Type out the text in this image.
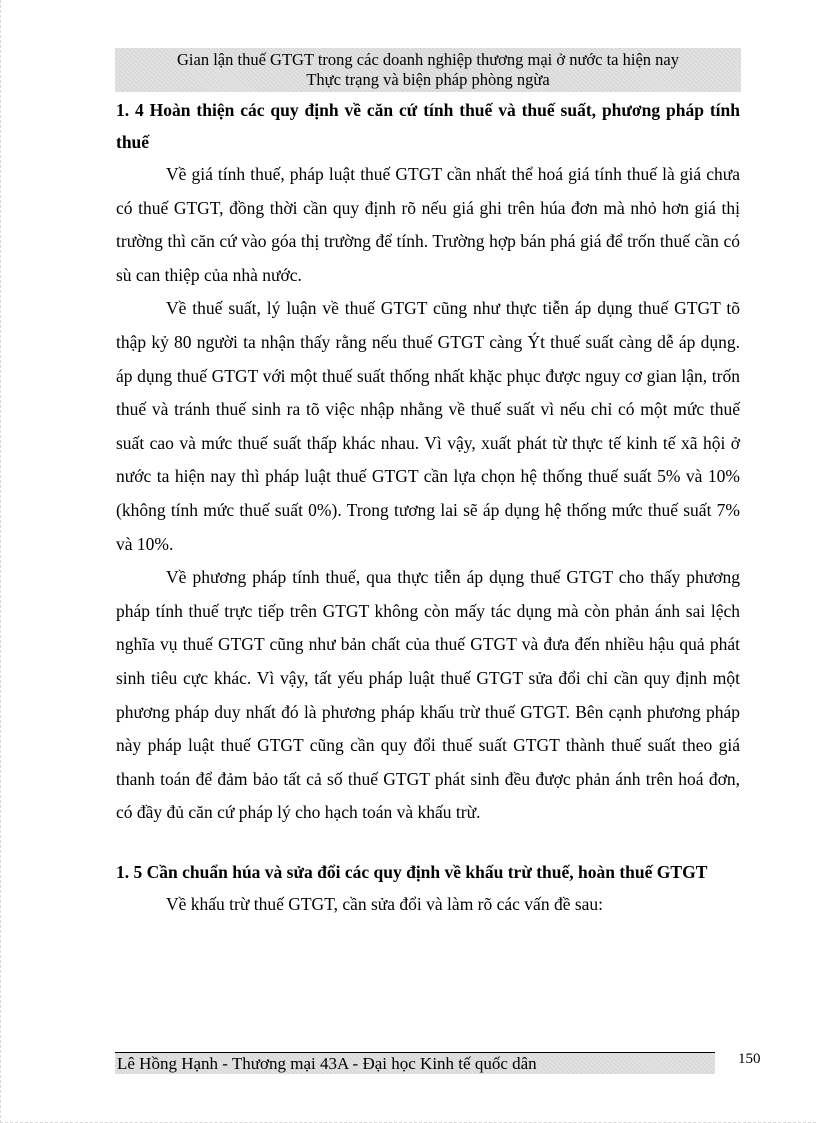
Gian lận thuế GTGT trong các doanh nghiệp thương mại ở nước ta hiện nay
Thực trạng và biện pháp phòng ngừa

1. 4 Hoàn thiện các quy định về căn cứ tính thuế và thuế suất, phương pháp tính thuế

Về giá tính thuế, pháp luật thuế GTGT cần nhất thể hoá giá tính thuế là giá chưa có thuế GTGT, đồng thời cần quy định rõ nếu giá ghi trên húa đơn mà nhỏ hơn giá thị trường thì căn cứ vào góa thị trường để tính. Trường hợp bán phá giá để trốn thuế cần có sù can thiệp của nhà nước.

Về thuế suất, lý luận về thuế GTGT cũng như thực tiễn áp dụng thuế GTGT tõ thập kỷ 80 người ta nhận thấy rằng nếu thuế GTGT càng Ýt thuế suất càng dễ áp dụng. áp dụng thuế GTGT với một thuế suất thống nhất khặc phục được nguy cơ gian lận, trốn thuế và tránh thuế sinh ra tõ việc nhập nhằng về thuế suất vì nếu chỉ có một mức thuế suất cao và mức thuế suất thấp khác nhau. Vì vậy, xuất phát từ thực tế kinh tế xã hội ở nước ta hiện nay thì pháp luật thuế GTGT cần lựa chọn hệ thống thuế suất 5% và 10% (không tính mức thuế suất 0%). Trong tương lai sẽ áp dụng hệ thống mức thuế suất 7% và 10%.

Về phương pháp tính thuế, qua thực tiễn áp dụng thuế GTGT cho thấy phương pháp tính thuế trực tiếp trên GTGT không còn mấy tác dụng mà còn phản ánh sai lệch nghĩa vụ thuế GTGT cũng như bản chất của thuế GTGT và đưa đến nhiều hậu quả phát sinh tiêu cực khác. Vì vậy, tất yếu pháp luật thuế GTGT sửa đổi chỉ cần quy định một phương pháp duy nhất đó là phương pháp khấu trừ thuế GTGT. Bên cạnh phương pháp này pháp luật thuế GTGT cũng cần quy đổi thuế suất GTGT thành thuế suất theo giá thanh toán để đảm bảo tất cả số thuế GTGT phát sinh đều được phản ánh trên hoá đơn, có đầy đủ căn cứ pháp lý cho hạch toán và khấu trừ.

1. 5 Cần chuẩn húa và sửa đổi các quy định về khấu trừ thuế, hoàn thuế GTGT

Về khấu trừ thuế GTGT, cần sửa đổi và làm rõ các vấn đề sau:

Lê Hồng Hạnh - Thương mại 43A - Đại học Kinh tế quốc dân	150
